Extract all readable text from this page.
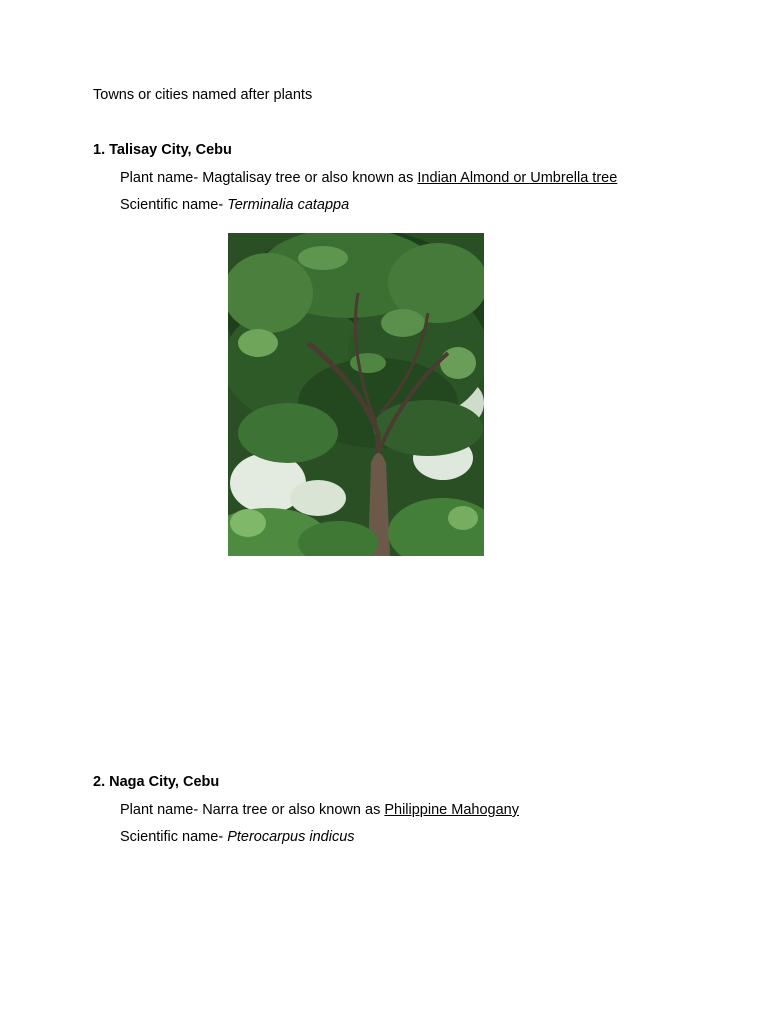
Towns or cities named after plants
1. Talisay City, Cebu
Plant name- Magtalisay tree or also known as Indian Almond or Umbrella tree
Scientific name- Terminalia catappa
2. Naga City, Cebu
Plant name- Narra tree or also known as Philippine Mahogany
Scientific name- Pterocarpus indicus
